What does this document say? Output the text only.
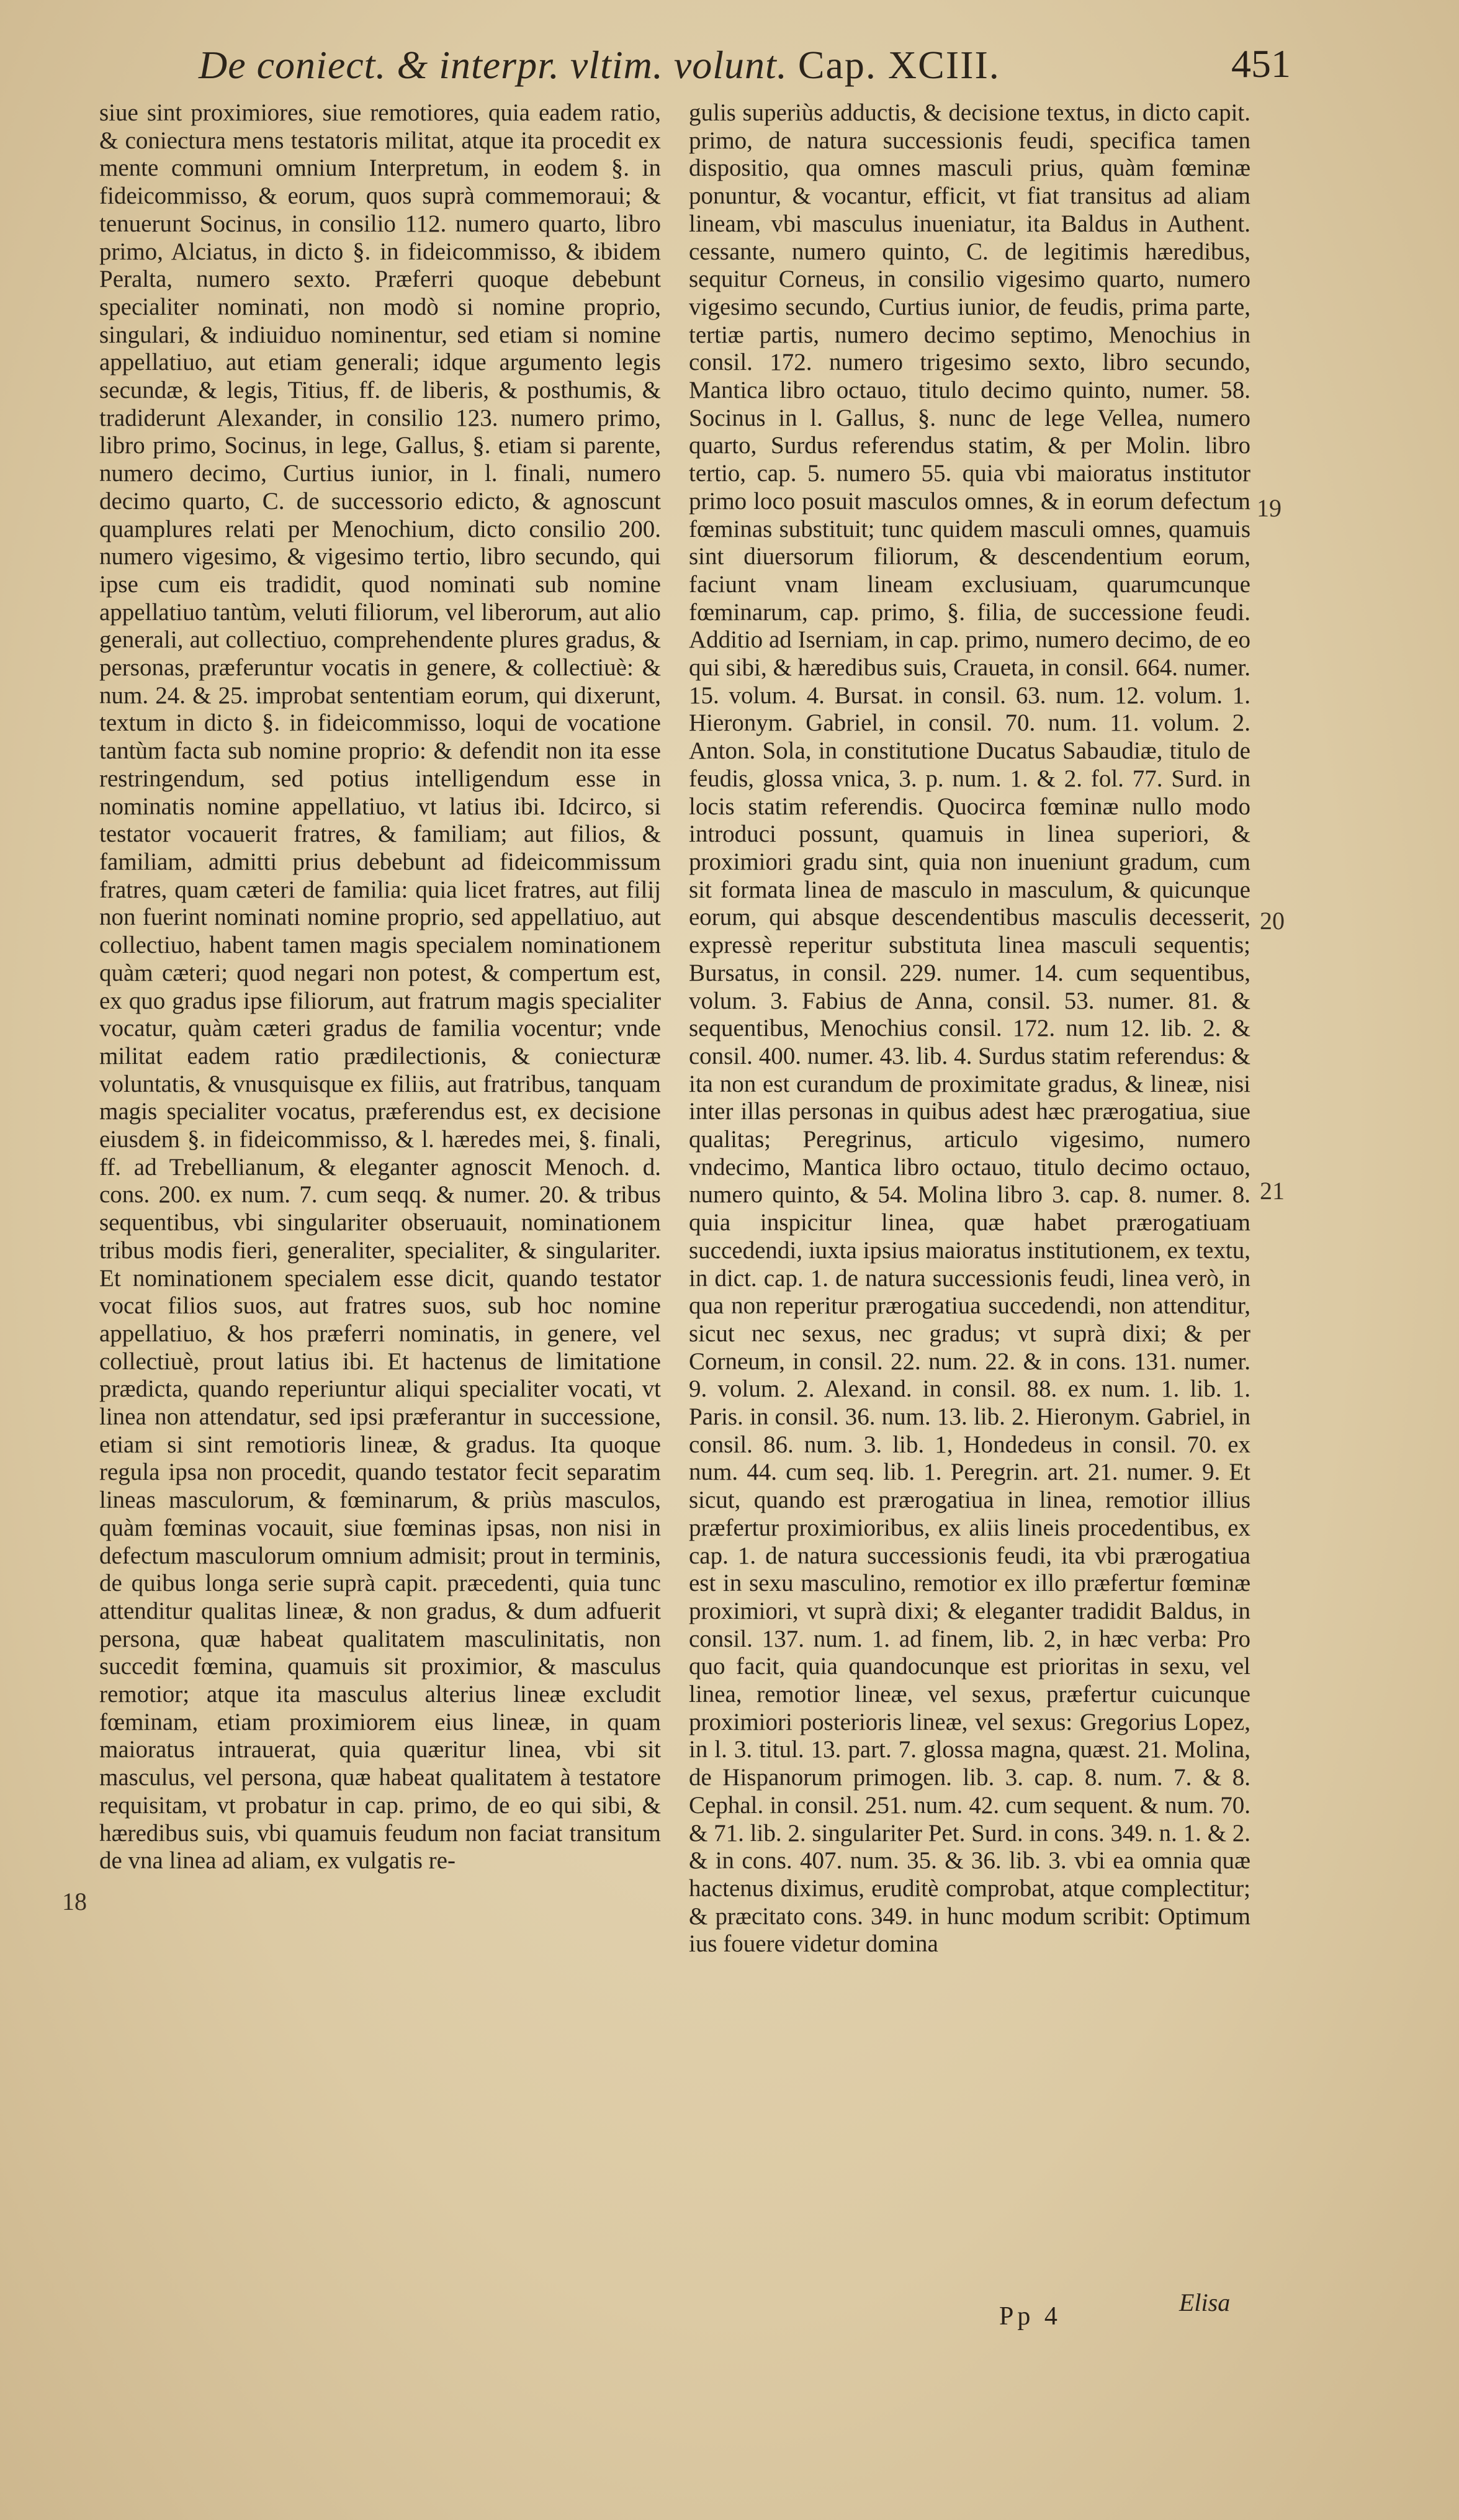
De coniect. & interpr. vltim. volunt. Cap. XCIII.	451

siue sint proximiores, siue remotiores, quia eadem ratio, & coniectura mens testatoris militat, atque ita procedit ex mente communi omnium Interpretum, in eodem §. in fideicommisso, & eorum, quos suprà commemoraui; & tenuerunt Socinus, in consilio 112. numero quarto, libro primo, Alciatus, in dicto §. in fideicommisso, & ibidem Peralta, numero sexto. Præferri quoque debebunt specialiter nominati, non modò si nomine proprio, singulari, & indiuiduo nominentur, sed etiam si nomine appellatiuo, aut etiam generali; idque argumento legis secundæ, & legis, Titius, ff. de liberis, & posthumis, & tradiderunt Alexander, in consilio 123. numero primo, libro primo, Socinus, in lege, Gallus, §. etiam si parente, numero decimo, Curtius iunior, in l. finali, numero decimo quarto, C. de successorio edicto, & agnoscunt quamplures relati per Menochium, dicto consilio 200. numero vigesimo, & vigesimo tertio, libro secundo, qui ipse cum eis tradidit, quod nominati sub nomine appellatiuo tantùm, veluti filiorum, vel liberorum, aut alio generali, aut collectiuo, comprehendente plures gradus, & personas, præferuntur vocatis in genere, & collectiuè: & num. 24. & 25. improbat sententiam eorum, qui dixerunt, textum in dicto §. in fideicommisso, loqui de vocatione tantùm facta sub nomine proprio: & defendit non ita esse restringendum, sed potius intelligendum esse in nominatis nomine appellatiuo, vt latius ibi. Idcirco, si testator vocauerit fratres, & familiam; aut filios, & familiam, admitti prius debebunt ad fideicommissum fratres, quam cæteri de familia: quia licet fratres, aut filij non fuerint nominati nomine proprio, sed appellatiuo, aut collectiuo, habent tamen magis specialem nominationem quàm cæteri; quod negari non potest, & compertum est, ex quo gradus ipse filiorum, aut fratrum magis specialiter vocatur, quàm cæteri gradus de familia vocentur; vnde militat eadem ratio prædilectionis, & coniecturæ voluntatis, & vnusquisque ex filiis, aut fratribus, tanquam magis specialiter vocatus, præferendus est, ex decisione eiusdem §. in fideicommisso, & l. hæredes mei, §. finali, ff. ad Trebellianum, & eleganter agnoscit Menoch. d. cons. 200. ex num. 7. cum seqq. & numer. 20. & tribus sequentibus, vbi singulariter obseruauit, nominationem tribus modis fieri, generaliter, specialiter, & singulariter. Et nominationem specialem esse dicit, quando testator vocat filios suos, aut fratres suos, sub hoc nomine appellatiuo, & hos præferri nominatis, in genere, vel collectiuè, prout latius ibi. Et hactenus de limitatione prædicta, quando reperiuntur aliqui specialiter vocati, vt linea non attendatur, sed ipsi præferantur in successione, etiam si sint remotioris lineæ, & gradus. Ita quoque regula ipsa non procedit, quando testator fecit separatim lineas masculorum, & fœminarum, & priùs masculos, quàm fœminas vocauit, siue fœminas ipsas, non nisi in defectum masculorum omnium admisit; prout in terminis, de quibus longa serie suprà capit. præcedenti, quia tunc attenditur qualitas lineæ, & non gradus, & dum adfuerit persona, quæ habeat qualitatem masculinitatis, non succedit fœmina, quamuis sit proximior, & masculus remotior; atque ita masculus alterius lineæ excludit fœminam, etiam proximiorem eius lineæ, in quam maioratus intrauerat, quia quæritur linea, vbi sit masculus, vel persona, quæ habeat qualitatem à testatore requisitam, vt probatur in cap. primo, de eo qui sibi, & hæredibus suis, vbi quamuis feudum non faciat transitum de vna linea ad aliam, ex vulgatis re-

gulis superiùs adductis, & decisione textus, in dicto capit. primo, de natura successionis feudi, specifica tamen dispositio, qua omnes masculi prius, quàm fœminæ ponuntur, & vocantur, efficit, vt fiat transitus ad aliam lineam, vbi masculus inueniatur, ita Baldus in Authent. cessante, numero quinto, C. de legitimis hæredibus, sequitur Corneus, in consilio vigesimo quarto, numero vigesimo secundo, Curtius iunior, de feudis, prima parte, tertiæ partis, numero decimo septimo, Menochius in consil. 172. numero trigesimo sexto, libro secundo, Mantica libro octauo, titulo decimo quinto, numer. 58. Socinus in l. Gallus, §. nunc de lege Vellea, numero quarto, Surdus referendus statim, & per Molin. libro tertio, cap. 5. numero 55. quia vbi maioratus institutor primo loco posuit masculos omnes, & in eorum defectum fœminas substituit; tunc quidem masculi omnes, quamuis sint diuersorum filiorum, & descendentium eorum, faciunt vnam lineam exclusiuam, quarumcunque fœminarum, cap. primo, §. filia, de successione feudi. Additio ad Iserniam, in cap. primo, numero decimo, de eo qui sibi, & hæredibus suis, Craueta, in consil. 664. numer. 15. volum. 4. Bursat. in consil. 63. num. 12. volum. 1. Hieronym. Gabriel, in consil. 70. num. 11. volum. 2. Anton. Sola, in constitutione Ducatus Sabaudiæ, titulo de feudis, glossa vnica, 3. p. num. 1. & 2. fol. 77. Surd. in locis statim referendis. Quocirca fœminæ nullo modo introduci possunt, quamuis in linea superiori, & proximiori gradu sint, quia non inueniunt gradum, cum sit formata linea de masculo in masculum, & quicunque eorum, qui absque descendentibus masculis decesserit, expressè reperitur substituta linea masculi sequentis; Bursatus, in consil. 229. numer. 14. cum sequentibus, volum. 3. Fabius de Anna, consil. 53. numer. 81. & sequentibus, Menochius consil. 172. num 12. lib. 2. & consil. 400. numer. 43. lib. 4. Surdus statim referendus: & ita non est curandum de proximitate gradus, & lineæ, nisi inter illas personas in quibus adest hæc prærogatiua, siue qualitas; Peregrinus, articulo vigesimo, numero vndecimo, Mantica libro octauo, titulo decimo octauo, numero quinto, & 54. Molina libro 3. cap. 8. numer. 8. quia inspicitur linea, quæ habet prærogatiuam succedendi, iuxta ipsius maioratus institutionem, ex textu, in dict. cap. 1. de natura successionis feudi, linea verò, in qua non reperitur prærogatiua succedendi, non attenditur, sicut nec sexus, nec gradus; vt suprà dixi; & per Corneum, in consil. 22. num. 22. & in cons. 131. numer. 9. volum. 2. Alexand. in consil. 88. ex num. 1. lib. 1. Paris. in consil. 36. num. 13. lib. 2. Hieronym. Gabriel, in consil. 86. num. 3. lib. 1, Hondedeus in consil. 70. ex num. 44. cum seq. lib. 1. Peregrin. art. 21. numer. 9. Et sicut, quando est prærogatiua in linea, remotior illius præfertur proximioribus, ex aliis lineis procedentibus, ex cap. 1. de natura successionis feudi, ita vbi prærogatiua est in sexu masculino, remotior ex illo præfertur fœminæ proximiori, vt suprà dixi; & eleganter tradidit Baldus, in consil. 137. num. 1. ad finem, lib. 2, in hæc verba: Pro quo facit, quia quandocunque est prioritas in sexu, vel linea, remotior lineæ, vel sexus, præfertur cuicunque proximiori posterioris lineæ, vel sexus: Gregorius Lopez, in l. 3. titul. 13. part. 7. glossa magna, quæst. 21. Molina, de Hispanorum primogen. lib. 3. cap. 8. num. 7. & 8. Cephal. in consil. 251. num. 42. cum sequent. & num. 70. & 71. lib. 2. singulariter Pet. Surd. in cons. 349. n. 1. & 2. & in cons. 407. num. 35. & 36. lib. 3. vbi ea omnia quæ hactenus diximus, eruditè comprobat, atque complectitur; & præcitato cons. 349. in hunc modum scribit: Optimum ius fouere videtur domina

19
20
21
18
Pp 4	Elisa
